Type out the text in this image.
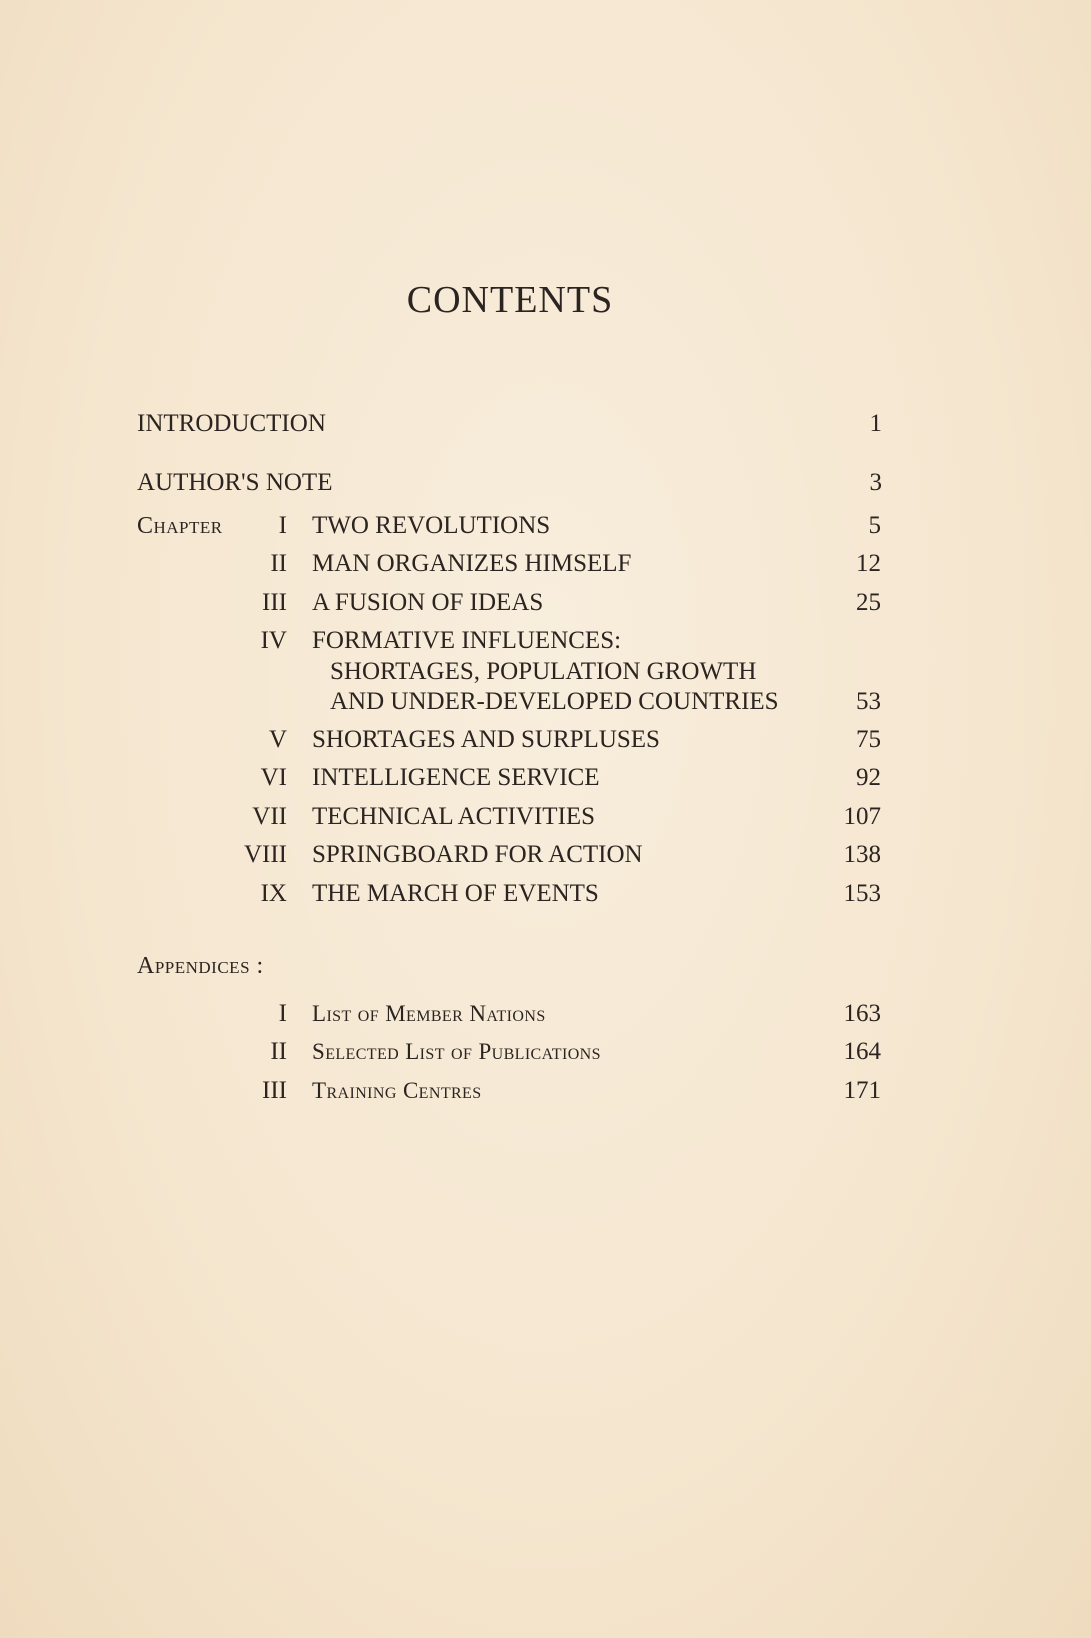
CONTENTS
INTRODUCTION	1
AUTHOR'S NOTE	3
Chapter I TWO REVOLUTIONS	5
II MAN ORGANIZES HIMSELF	12
III A FUSION OF IDEAS	25
IV FORMATIVE INFLUENCES:
SHORTAGES, POPULATION GROWTH
AND UNDER-DEVELOPED COUNTRIES	53
V SHORTAGES AND SURPLUSES	75
VI INTELLIGENCE SERVICE	92
VII TECHNICAL ACTIVITIES	107
VIII SPRINGBOARD FOR ACTION	138
IX THE MARCH OF EVENTS	153
Appendices :
I List of Member Nations	163
II Selected List of Publications	164
III Training Centres	171
